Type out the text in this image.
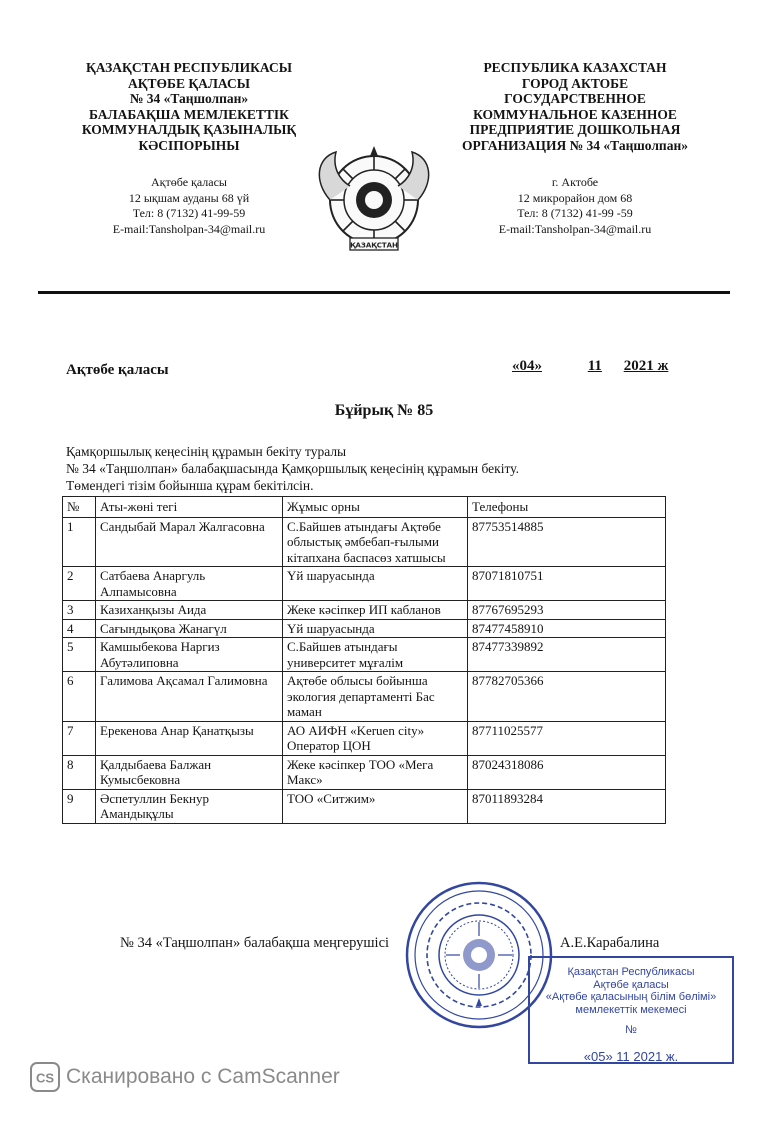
ҚАЗАҚСТАН РЕСПУБЛИКАСЫ
АҚТӨБЕ ҚАЛАСЫ
№ 34 «Таңшолпан»
БАЛАБАҚША МЕМЛЕКЕТТІК
КОММУНАЛДЫҚ ҚАЗЫНАЛЫҚ
КӘСІПОРЫНЫ
Ақтөбе қаласы
12 ықшам ауданы 68 үй
Тел: 8 (7132) 41-99-59
E-mail:Tansholpan-34@mail.ru
ҚАЗАҚСТАН
РЕСПУБЛИКА КАЗАХСТАН
ГОРОД АКТОБЕ
ГОСУДАРСТВЕННОЕ
КОММУНАЛЬНОЕ КАЗЕННОЕ
ПРЕДПРИЯТИЕ ДОШКОЛЬНАЯ
ОРГАНИЗАЦИЯ № 34 «Таңшолпан»
г. Актобе
12 микрорайон дом 68
Тел: 8 (7132) 41-99 -59
E-mail:Tansholpan-34@mail.ru
Ақтөбе қаласы	«04»	11 2021 ж
Бұйрық № 85
Қамқоршылық кеңесінің құрамын бекіту туралы
№ 34 «Таңшолпан» балабақшасында Қамқоршылық кеңесінің құрамын бекіту.
Төмендегі тізім бойынша құрам бекітілсін.
№	Аты-жөні тегі	Жұмыс орны	Телефоны
1	Сандыбай Марал Жалгасовна	С.Байшев атындағы Ақтөбе облыстық әмбебап-ғылыми кітапхана баспасөз хатшысы	87753514885
2	Сатбаева Анаргуль Алпамысовна	Үй шаруасында	87071810751
3	Казиханқызы Аида	Жеке кәсіпкер ИП кабланов	87767695293
4	Сағындықова Жанагүл	Үй шаруасында	87477458910
5	Камшыбекова Наргиз Абутәлиповна	С.Байшев атындағы университет мұғалім	87477339892
6	Галимова Ақсамал Галимовна	Ақтөбе облысы бойынша экология департаменті Бас маман	87782705366
7	Ерекенова Анар Қанатқызы	АО АИФН «Keruen city» Оператор ЦОН	87711025577
8	Қалдыбаева Балжан Кумысбековна	Жеке кәсіпкер ТОО «Мега Макс»	87024318086
9	Әспетуллин Бекнур Амандықұлы	ТОО «Ситжим»	87011893284
№ 34 «Таңшолпан» балабақша меңгерушісі	А.Е.Карабалина
Қазақстан Республикасы
Ақтөбе қаласы
«Ақтөбе қаласының білім бөлімі»
мемлекеттік мекемесі
№
«05» 11 2021 ж.
CS Сканировано с CamScanner
